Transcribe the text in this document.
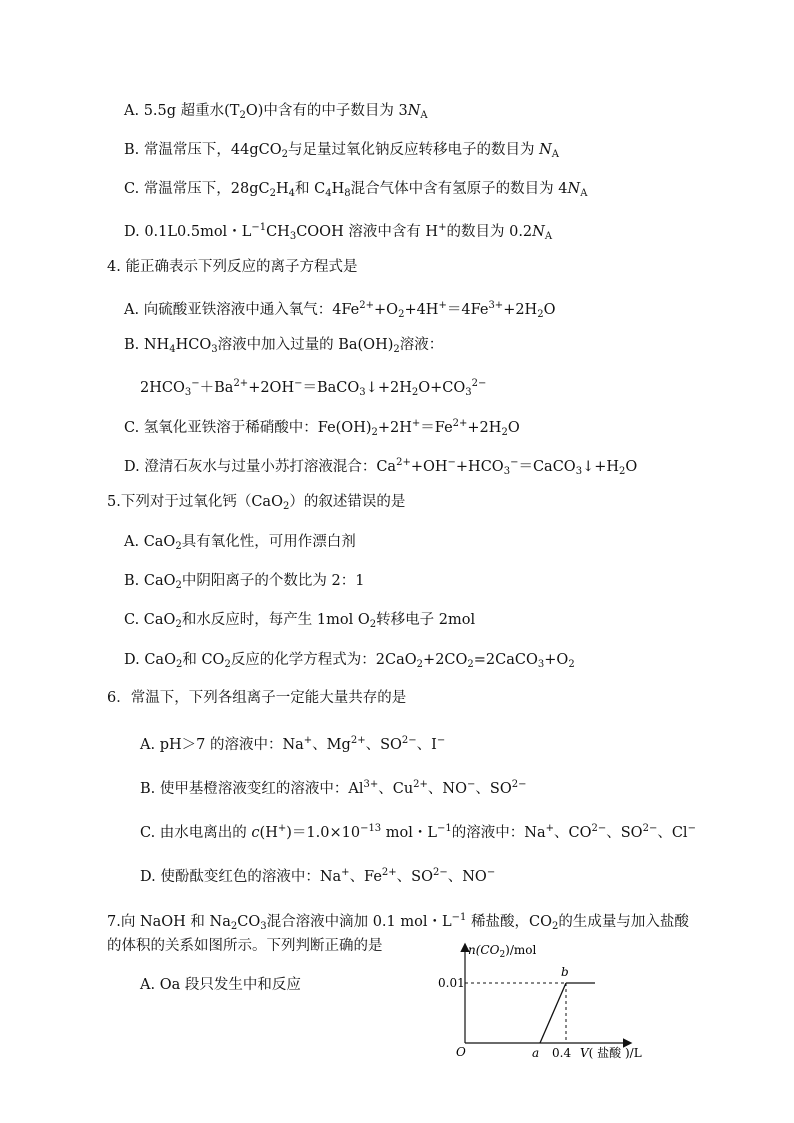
A. 5.5g 超重水$(T_2O)$中含有的中子数目为 $3N_A$
B. 常温常压下，44gCO$_2$与足量过氧化钠反应转移电子的数目为 $N_A$
C. 常温常压下，$28gC_2H_4$和 $C_4H_8$混合气体中含有氢原子的数目为 $4N_A$
D. 0.1L0.5mol・$L^{-1}CH_3COOH$ 溶液中含有 H+的数目为 $0.2N_A$
4. 能正确表示下列反应的离子方程式是
A. 向硫酸亚铁溶液中通入氧气：$4Fe^{2+}+O_2+4H^+=4Fe^{3+}+2H_2O$
B. $NH_4HCO_3$溶液中加入过量的 $Ba(OH)_2$溶液：
$2HCO_3^-+Ba^{2+}+2OH^-=BaCO_3↓+2H_2O+CO_3^{2-}$
C. 氢氧化亚铁溶于稀硝酸中：$Fe(OH)_2+2H^+=Fe^{2+}+2H_2O$
D. 澄清石灰水与过量小苏打溶液混合：$Ca^{2+}+OH^-+HCO_3^-=CaCO_3↓+H_2O$
5.下列对于过氧化钙（CaO$_2$）的叙述错误的是
A. CaO$_2$具有氧化性，可用作漂白剂
B. CaO$_2$中阴阳离子的个数比为 2：1
C. CaO$_2$和水反应时，每产生 1mol $O_2$转移电子 2mol
D. CaO$_2$和 $CO_2$反应的化学方程式为：$2CaO_2+2CO_2=2CaCO_3+O_2$
6．常温下，下列各组离子一定能大量共存的是
A. pH＞7 的溶液中：Na+、$Mg^{2+}$、$SO^{2-}$、I−
B. 使甲基橙溶液变红的溶液中：$Al^{3+}$、$Cu^{2+}$、NO−、$SO^{2-}$
C. 由水电离出的 $c(H^+)=1.0\times 10^{-13}$ mol・$L^{-1}$的溶液中：Na+、$CO^{2-}$、$SO^{2-}$、Cl−
D. 使酚酞变红色的溶液中：Na+、$Fe^{2+}$、$SO^{2-}$、NO−
7.向 NaOH 和 $Na_2CO_3$混合溶液中滴加 0.1 mol・$L^{-1}$ 稀盐酸，$CO_2$的生成量与加入盐酸
的体积的关系如图所示。下列判断正确的是
A. Oa 段只发生中和反应
$n(CO_2)$/mol
0.01
b
O	a 0.4 V( 盐酸 )/L
